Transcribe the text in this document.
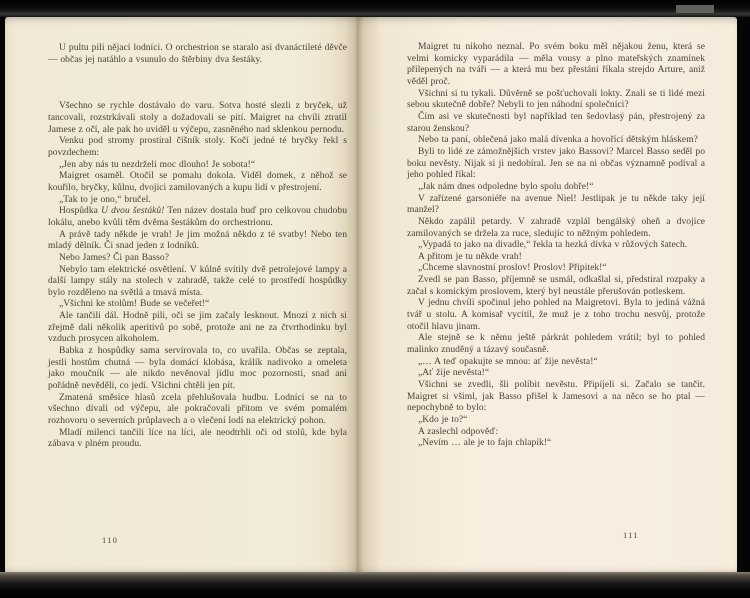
U pultu pili nějací lodníci. O orchestrion se staralo asi dvanáctileté děvče — občas jej natáhlo a vsunulo do štěrbiny dva šestáky.

Všechno se rychle dostávalo do varu. Sotva hosté slezli z bryček, už tancovali, rozstrkávali stoly a dožadovali se pití. Maigret na chvíli ztratil Jamese z očí, ale pak ho uviděl u výčepu, zasněného nad sklenkou pernodu.

Venku pod stromy prostíral číšník stoly. Kočí jedné té bryčky řekl s povzdechem:

„Jen aby nás tu nezdrželi moc dlouho! Je sobota!“

Maigret osaměl. Otočil se pomalu dokola. Viděl domek, z něhož se kouřilo, bryčky, kůlnu, dvojici zamilovaných a kupu lidí v přestrojení.

„Tak to je ono,“ bručel.

Hospůdka U dvou šestáků! Ten název dostala buď pro celkovou chudobu lokálu, anebo kvůli těm dvěma šestákům do orchestrionu.

A právě tady někde je vrah! Je jím možná někdo z té svatby! Nebo ten mladý dělník. Či snad jeden z lodníků.

Nebo James? Či pan Basso?

Nebylo tam elektrické osvětlení. V kůlně svítily dvě petrolejové lampy a další lampy stály na stolech v zahradě, takže celé to prostředí hospůdky bylo rozděleno na světlá a tmavá místa.

„Všichni ke stolům! Bude se večeřet!“

Ale tančili dál. Hodně pili, oči se jim začaly lesknout. Mnozí z nich si zřejmě dali několik aperitivů po sobě, protože ani ne za čtvrthodinku byl vzduch prosycen alkoholem.

Babka z hospůdky sama servírovala to, co uvařila. Občas se zeptala, jestli hostům chutná — byla domácí klobása, králík nadivoko a omeleta jako moučník — ale nikdo nevěnoval jídlu moc pozornosti, snad ani pořádně nevěděli, co jedí. Všichni chtěli jen pít.

Zmatená směsice hlasů zcela přehlušovala hudbu. Lodníci se na to všechno dívali od výčepu, ale pokračovali přitom ve svém pomalém rozhovoru o severních průplavech a o vlečení lodí na elektrický pohon.

Mladí milenci tančili líce na líci, ale neodtrhli oči od stolů, kde byla zábava v plném proudu.

110

Maigret tu nikoho neznal. Po svém boku měl nějakou ženu, která se velmi komicky vyparádila — měla vousy a plno mateřských znamínek přilepených na tváři — a která mu bez přestání říkala strejdo Arture, aniž věděl proč.

Všichni si tu tykali. Důvěrně se pošťuchovali lokty. Znali se ti lidé mezi sebou skutečně dobře? Nebyli to jen náhodní společníci?

Čím asi ve skutečnosti byl například ten šedovlasý pán, přestrojený za starou ženskou?

Nebo ta paní, oblečená jako malá dívenka a hovořící dětským hláskem?

Byli to lidé ze zámožnějších vrstev jako Bassovi? Marcel Basso seděl po boku nevěsty. Nijak si ji nedobíral. Jen se na ni občas významně podíval a jeho pohled říkal:

„Jak nám dnes odpoledne bylo spolu dobře!“

V zařízené garsoniéře na avenue Niel! Jestlipak je tu někde taky její manžel?

Někdo zapálil petardy. V zahradě vzplál bengálský oheň a dvojice zamilovaných se držela za ruce, sledujíc to něžným pohledem.

„Vypadá to jako na divadle,“ řekla ta hezká dívka v růžových šatech.

A přitom je tu někde vrah!

„Chceme slavnostní proslov! Proslov! Přípitek!“

Zvedl se pan Basso, příjemně se usmál, odkašlal si, předstíral rozpaky a začal s komickým proslovem, který byl neustále přerušován potleskem.

V jednu chvíli spočinul jeho pohled na Maigretovi. Byla to jediná vážná tvář u stolu. A komisař vycítil, že muž je z toho trochu nesvůj, protože otočil hlavu jinam.

Ale stejně se k němu ještě párkrát pohledem vrátil; byl to pohled malinko znuděný a tázavý současně.

„… A teď opakujte se mnou: ať žije nevěsta!“

„Ať žije nevěsta!“

Všichni se zvedli, šli políbit nevěstu. Připíjeli si. Začalo se tančit. Maigret si všiml, jak Basso přišel k Jamesovi a na něco se ho ptal — nepochybně to bylo:

„Kdo je to?“

A zaslechl odpověď:

„Nevím … ale je to fajn chlapík!“

111
